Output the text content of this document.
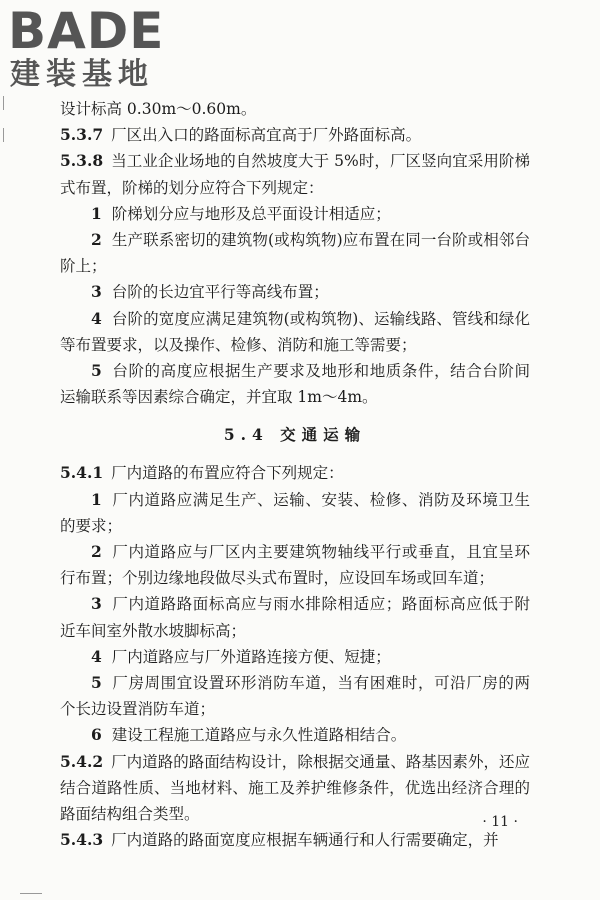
BADE
建装基地

设计标高 0.30m～0.60m。

5.3.7 厂区出入口的路面标高宜高于厂外路面标高。

5.3.8 当工业企业场地的自然坡度大于 5%时，厂区竖向宜采用阶梯式布置，阶梯的划分应符合下列规定：

1 阶梯划分应与地形及总平面设计相适应；

2 生产联系密切的建筑物(或构筑物)应布置在同一台阶或相邻台阶上；

3 台阶的长边宜平行等高线布置；

4 台阶的宽度应满足建筑物(或构筑物)、运输线路、管线和绿化等布置要求，以及操作、检修、消防和施工等需要；

5 台阶的高度应根据生产要求及地形和地质条件，结合台阶间运输联系等因素综合确定，并宜取 1m～4m。

5.4 交通运输

5.4.1 厂内道路的布置应符合下列规定：

1 厂内道路应满足生产、运输、安装、检修、消防及环境卫生的要求；

2 厂内道路应与厂区内主要建筑物轴线平行或垂直，且宜呈环行布置；个别边缘地段做尽头式布置时，应设回车场或回车道；

3 厂内道路路面标高应与雨水排除相适应；路面标高应低于附近车间室外散水坡脚标高；

4 厂内道路应与厂外道路连接方便、短捷；

5 厂房周围宜设置环形消防车道，当有困难时，可沿厂房的两个长边设置消防车道；

6 建设工程施工道路应与永久性道路相结合。

5.4.2 厂内道路的路面结构设计，除根据交通量、路基因素外，还应结合道路性质、当地材料、施工及养护维修条件，优选出经济合理的路面结构组合类型。

5.4.3 厂内道路的路面宽度应根据车辆通行和人行需要确定，并

· 11 ·
